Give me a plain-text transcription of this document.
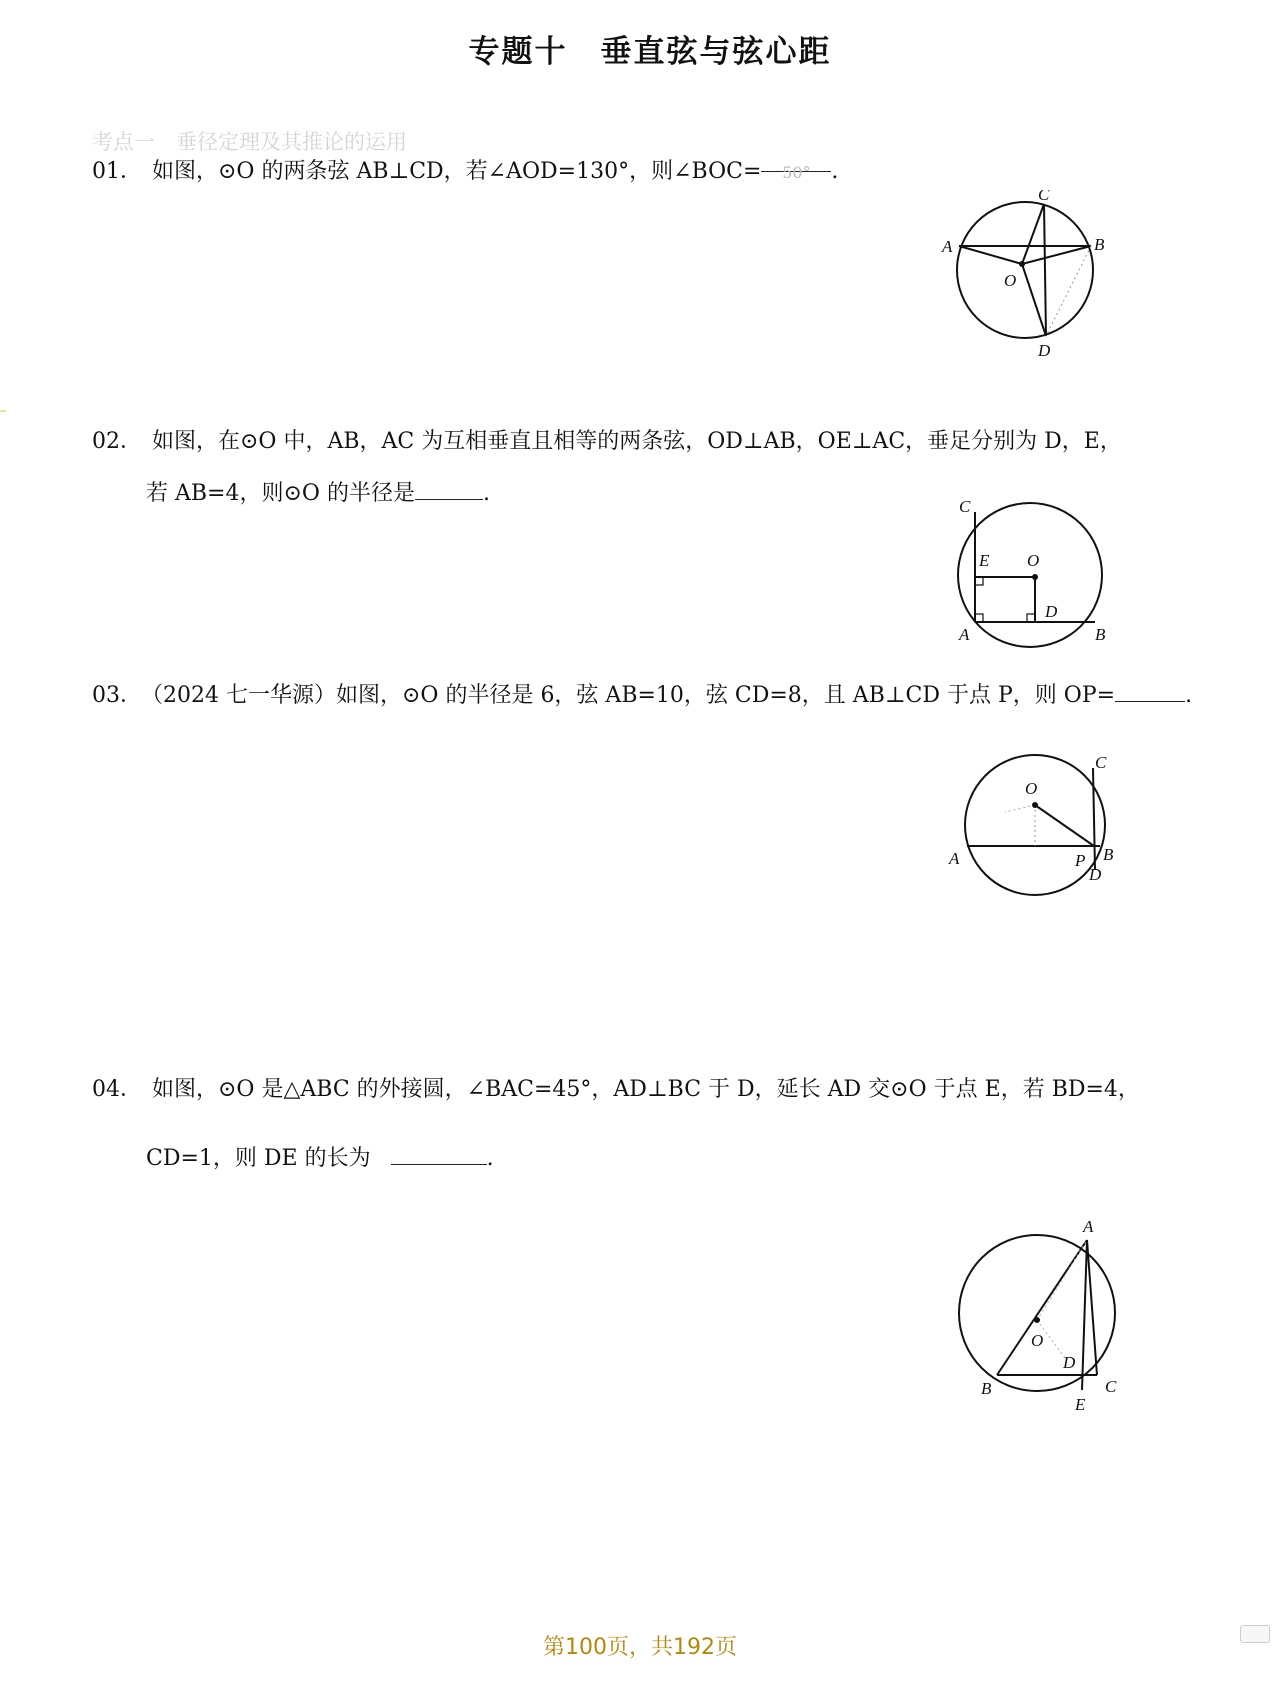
专题十　垂直弦与弦心距
考点一　垂径定理及其推论的运用
01． 如图，⊙O 的两条弦 AB⊥CD，若∠AOD=130°，则∠BOC= 50° .
A	B
C
D
O
02． 如图，在⊙O 中，AB，AC 为互相垂直且相等的两条弦，OD⊥AB，OE⊥AC，垂足分别为 D，E，
若 AB=4，则⊙O 的半径是	.
A	B
C
D
E O
03． （2024 七一华源）如图，⊙O 的半径是 6，弦 AB=10，弦 CD=8，且 AB⊥CD 于点 P，则 OP=	.
A	B
C
D
O
P
04． 如图，⊙O 是△ABC 的外接圆，∠BAC=45°，AD⊥BC 于 D，延长 AD 交⊙O 于点 E，若 BD=4，
CD=1，则 DE 的长为	.
A
B	C
D
E
O
第100页，共192页
